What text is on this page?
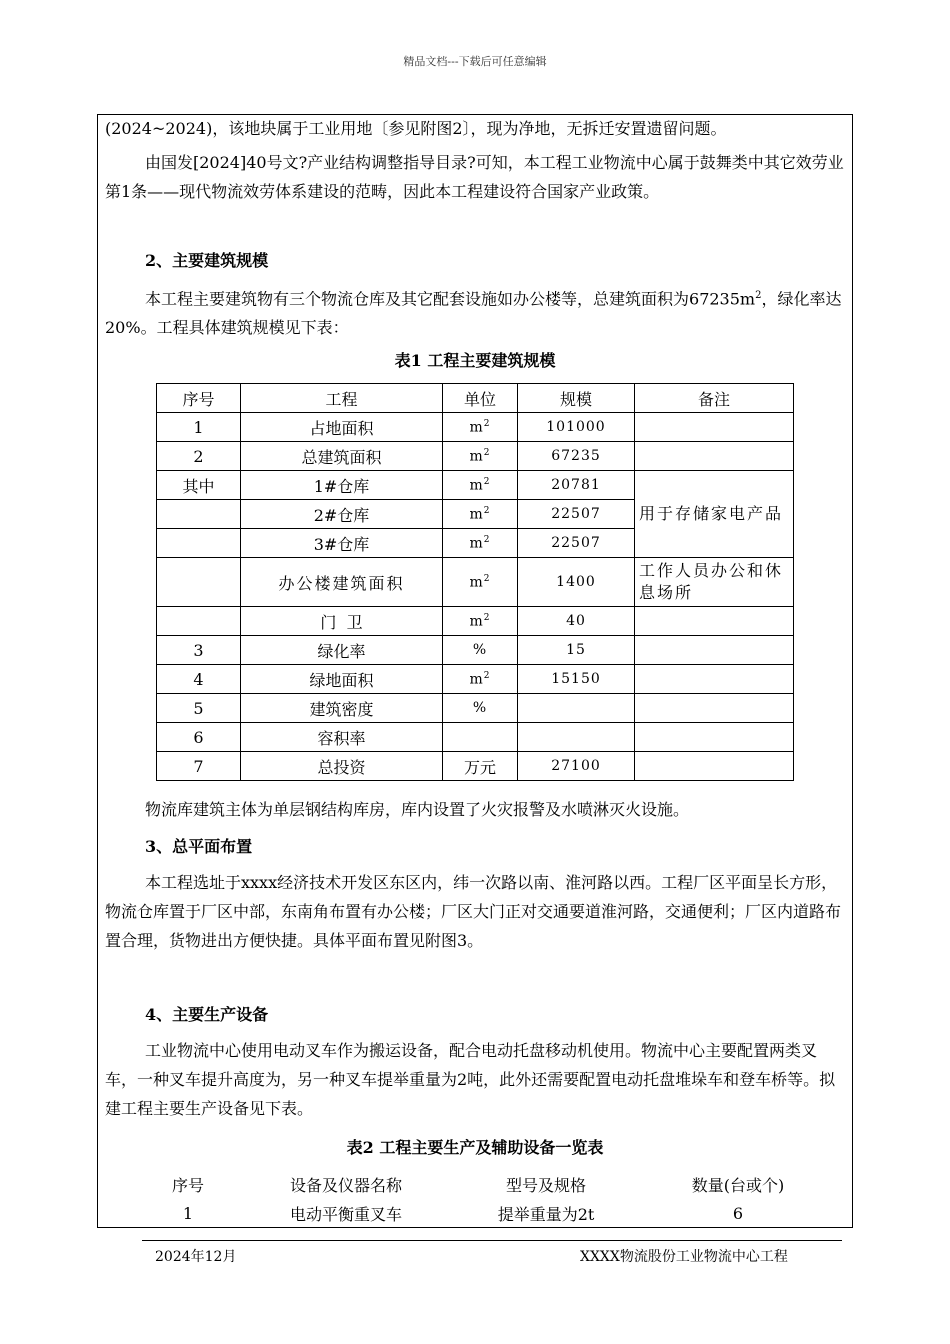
精品文档---下载后可任意编辑

(2024~2024)，该地块属于工业用地〔参见附图2〕，现为净地，无拆迁安置遗留问题。

由国发[2024]40号文?产业结构调整指导目录?可知，本工程工业物流中心属于鼓舞类中其它效劳业第1条——现代物流效劳体系建设的范畴，因此本工程建设符合国家产业政策。

2、主要建筑规模

本工程主要建筑物有三个物流仓库及其它配套设施如办公楼等，总建筑面积为$67235m^2$，绿化率达20%。工程具体建筑规模见下表：

表1 工程主要建筑规模
序号	工程	单位	规模	备注
1	占地面积	$m^2$	101000	
2	总建筑面积	$m^2$	67235	
其中	1#仓库	$m^2$	20781	用于存储家电产品
	2#仓库	$m^2$	22507	
	3#仓库	$m^2$	22507	
	办公楼建筑面积	$m^2$	1400	工作人员办公和休息场所
	门  卫	$m^2$	40	
3	绿化率	%	15	
4	绿地面积	$m^2$	15150	
5	建筑密度	%		
6	容积率			
7	总投资	万元	27100	

物流库建筑主体为单层钢结构库房，库内设置了火灾报警及水喷淋灭火设施。

3、总平面布置

本工程选址于xxxx经济技术开发区东区内，纬一次路以南、淮河路以西。工程厂区平面呈长方形，物流仓库置于厂区中部，东南角布置有办公楼；厂区大门正对交通要道淮河路，交通便利；厂区内道路布置合理，货物进出方便快捷。具体平面布置见附图3。

4、主要生产设备

工业物流中心使用电动叉车作为搬运设备，配合电动托盘移动机使用。物流中心主要配置两类叉车，一种叉车提升高度为，另一种叉车提举重量为2吨，此外还需要配置电动托盘堆垛车和登车桥等。拟建工程主要生产设备见下表。

表2 工程主要生产及辅助设备一览表
序号	设备及仪器名称	型号及规格	数量(台或个)
1	电动平衡重叉车	提举重量为2t	6
2024年12月	XXXX物流股份工业物流中心工程
